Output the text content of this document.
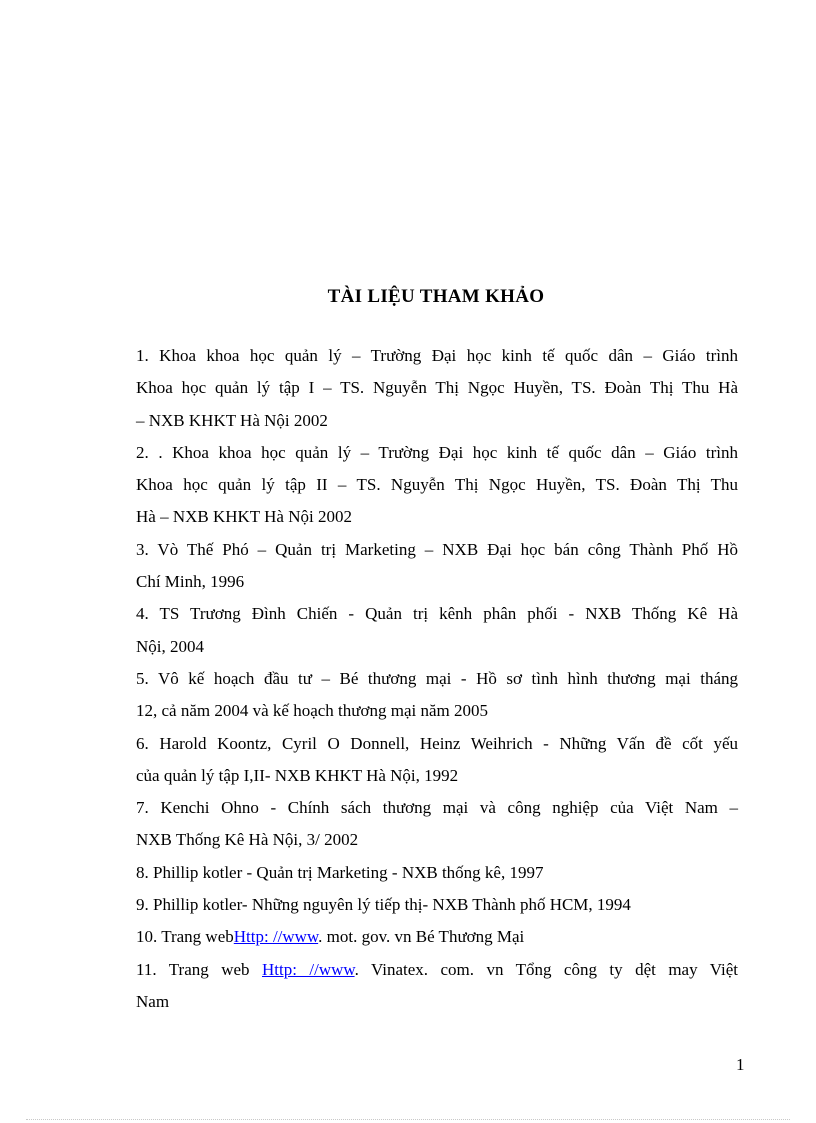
TÀI LIỆU THAM KHẢO
1. Khoa khoa học quản lý – Trường Đại học kinh tế quốc dân – Giáo trình
Khoa học quản lý tập I – TS. Nguyễn Thị Ngọc Huyền, TS. Đoàn Thị Thu Hà
– NXB KHKT Hà Nội 2002
2. . Khoa khoa học quản lý – Trường Đại học kinh tế quốc dân – Giáo trình
Khoa học quản lý tập II – TS. Nguyễn Thị Ngọc Huyền, TS. Đoàn Thị Thu
Hà – NXB KHKT Hà Nội 2002
3. Vò Thế Phó – Quản trị Marketing – NXB Đại học bán công Thành Phố Hồ
Chí Minh, 1996
4. TS Trương Đình Chiến - Quản trị kênh phân phối - NXB Thống Kê Hà
Nội, 2004
5. Vô kế hoạch đầu tư – Bé thương mại - Hồ sơ tình hình thương mại tháng
12, cả năm 2004 và kế hoạch thương mại năm 2005
6. Harold Koontz, Cyril O Donnell, Heinz Weihrich - Những Vấn đề cốt yếu
của quản lý tập I,II- NXB KHKT Hà Nội, 1992
7. Kenchi Ohno - Chính sách thương mại và công nghiệp của Việt Nam –
NXB Thống Kê Hà Nội, 3/ 2002
8. Phillip kotler - Quản trị Marketing - NXB thống kê, 1997
9. Phillip kotler- Những nguyên lý tiếp thị- NXB Thành phố HCM, 1994
10. Trang webHttp: //www. mot. gov. vn Bé Thương Mại
11. Trang web Http: //www. Vinatex. com. vn Tổng công ty dệt may Việt
Nam
1
